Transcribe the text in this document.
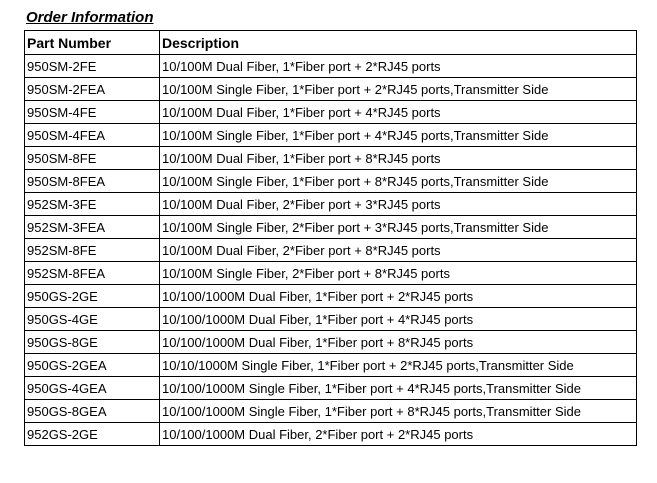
Order Information
Part Number	Description
950SM-2FE	10/100M Dual Fiber, 1*Fiber port + 2*RJ45 ports
950SM-2FEA	10/100M Single Fiber, 1*Fiber port + 2*RJ45 ports,Transmitter Side
950SM-4FE	10/100M Dual Fiber, 1*Fiber port + 4*RJ45 ports
950SM-4FEA	10/100M Single Fiber, 1*Fiber port + 4*RJ45 ports,Transmitter Side
950SM-8FE	10/100M Dual Fiber, 1*Fiber port + 8*RJ45 ports
950SM-8FEA	10/100M Single Fiber, 1*Fiber port + 8*RJ45 ports,Transmitter Side
952SM-3FE	10/100M Dual Fiber, 2*Fiber port + 3*RJ45 ports
952SM-3FEA	10/100M Single Fiber, 2*Fiber port + 3*RJ45 ports,Transmitter Side
952SM-8FE	10/100M Dual Fiber, 2*Fiber port + 8*RJ45 ports
952SM-8FEA	10/100M Single Fiber, 2*Fiber port + 8*RJ45 ports
950GS-2GE	10/100/1000M Dual Fiber, 1*Fiber port + 2*RJ45 ports
950GS-4GE	10/100/1000M Dual Fiber, 1*Fiber port + 4*RJ45 ports
950GS-8GE	10/100/1000M Dual Fiber, 1*Fiber port + 8*RJ45 ports
950GS-2GEA	10/10/1000M Single Fiber, 1*Fiber port + 2*RJ45 ports,Transmitter Side
950GS-4GEA	10/100/1000M Single Fiber, 1*Fiber port + 4*RJ45 ports,Transmitter Side
950GS-8GEA	10/100/1000M Single Fiber, 1*Fiber port + 8*RJ45 ports,Transmitter Side
952GS-2GE	10/100/1000M Dual Fiber, 2*Fiber port + 2*RJ45 ports
